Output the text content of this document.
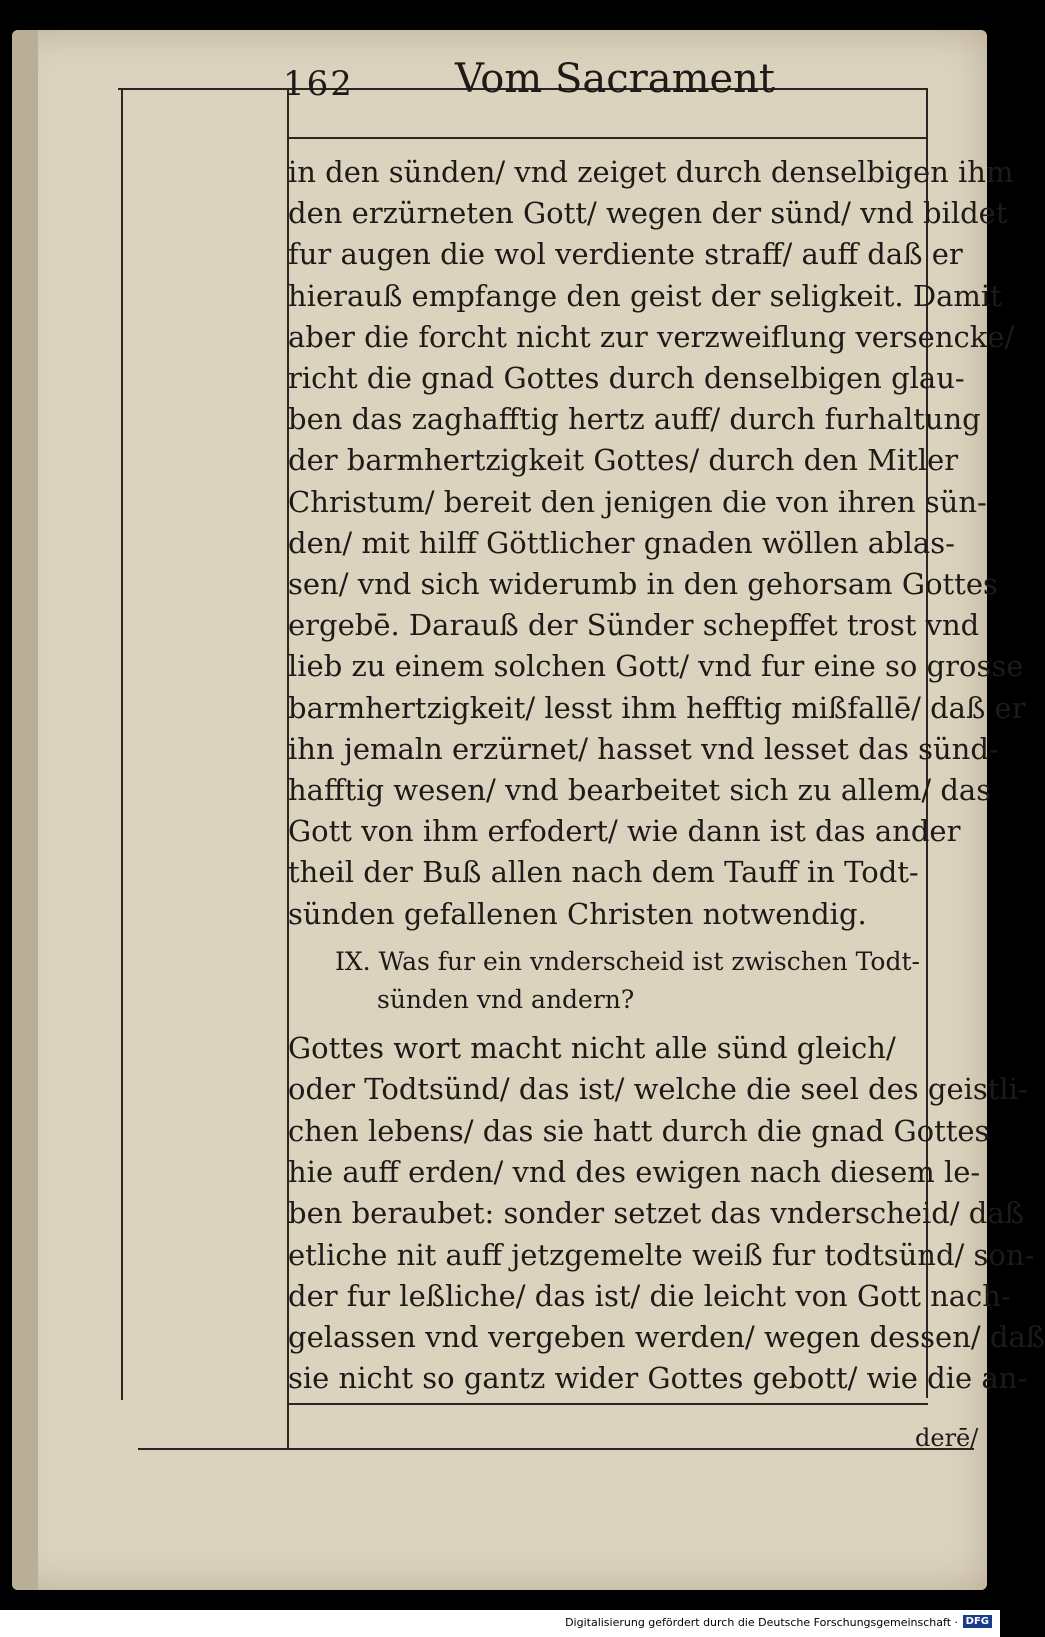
162	Vom Sacrament
in den sünden/ vnd zeiget durch denselbigen ihm
den erzürneten Gott/ wegen der sünd/ vnd bildet
fur augen die wol verdiente straff/ auff daß er
hierauß empfange den geist der seligkeit. Damit
aber die forcht nicht zur verzweiflung versencke/
richt die gnad Gottes durch denselbigen glau-
ben das zaghafftig hertz auff/ durch furhaltung
der barmhertzigkeit Gottes/ durch den Mitler
Christum/ bereit den jenigen die von ihren sün-
den/ mit hilff Göttlicher gnaden wöllen ablas-
sen/ vnd sich widerumb in den gehorsam Gottes
ergebē. Darauß der Sünder schepffet trost vnd
lieb zu einem solchen Gott/ vnd fur eine so grosse
barmhertzigkeit/ lesst ihm hefftig mißfallē/ daß er
ihn jemaln erzürnet/ hasset vnd lesset das sünd-
hafftig wesen/ vnd bearbeitet sich zu allem/ das
Gott von ihm erfodert/ wie dann ist das ander
theil der Buß allen nach dem Tauff in Todt-
sünden gefallenen Christen notwendig.
IX. Was fur ein vnderscheid ist zwischen Todt-
sünden vnd andern?
Gottes wort macht nicht alle sünd gleich/
oder Todtsünd/ das ist/ welche die seel des geistli-
chen lebens/ das sie hatt durch die gnad Gottes
hie auff erden/ vnd des ewigen nach diesem le-
ben beraubet: sonder setzet das vnderscheid/ daß
etliche nit auff jetzgemelte weiß fur todtsünd/ son-
der fur leßliche/ das ist/ die leicht von Gott nach-
gelassen vnd vergeben werden/ wegen dessen/ daß
sie nicht so gantz wider Gottes gebott/ wie die an-
derē/
Digitalisierung gefördert durch die Deutsche Forschungsgemeinschaft · DFG
